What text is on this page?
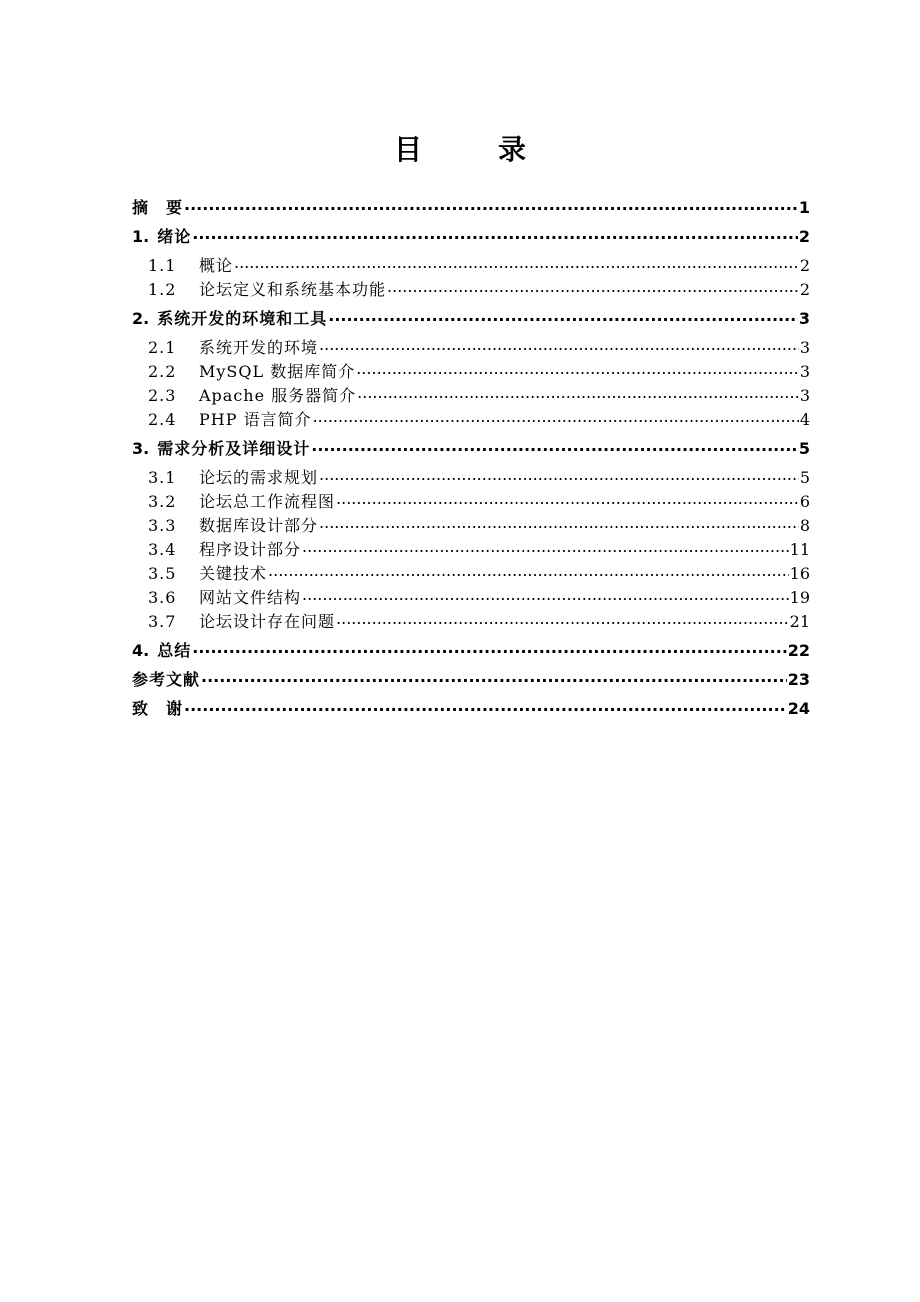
目　录
摘　要 .....	1
1. 绪论 .....	2
1.1	概论 .....	2
1.2	论坛定义和系统基本功能 .....	2
2. 系统开发的环境和工具 .....	3
2.1	系统开发的环境 .....	3
2.2	MySQL 数据库简介 .....	3
2.3	Apache 服务器简介 .....	3
2.4	PHP 语言简介 .....	4
3. 需求分析及详细设计 .....	5
3.1	论坛的需求规划 .....	5
3.2	论坛总工作流程图 .....	6
3.3	数据库设计部分 .....	8
3.4	程序设计部分 .....	11
3.5	关键技术 .....	16
3.6	网站文件结构 .....	19
3.7	论坛设计存在问题 .....	21
4. 总结 .....	22
参考文献 .....	23
致　谢 .....	24
